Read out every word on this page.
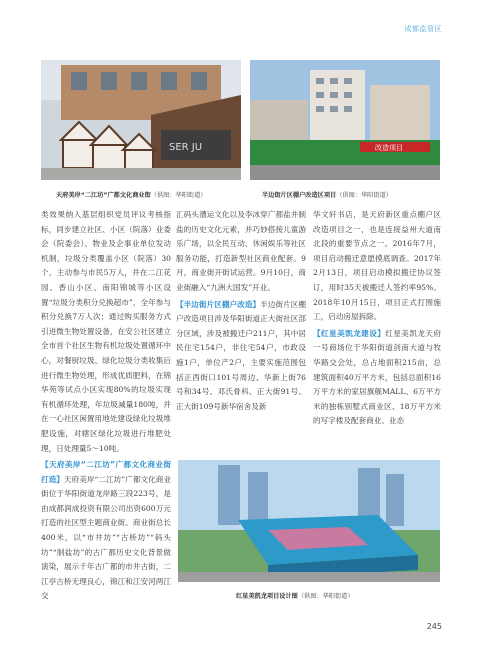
成都监管区
SER JU
天府美岸“二江坊”广都文化商业街（供图：华阳街道）
改造项目
半边街片区棚户改造区项目（供图：华阳街道）

类效果纳入基层组织党员评议考核指标，同步建立社区、小区（院落）业委会（院委会）、物业及企事业单位发动机制，垃圾分类覆盖小区（院落）30个，主动参与市民5万人，并在二江花园、香山小区、南阳锦城等小区设置“垃圾分类积分兑换超市”，全年参与积分兑换7万人次；通过购买服务方式引进微生物处置设备，在安公社区建立全市首个社区生物有机垃圾处置循环中心，对餐厨垃圾、绿化垃圾分类收集后进行微生物处理，形成优质肥料，在锦华苑等试点小区实现80%的垃圾实现有机循环处理，年垃圾减量180吨，并在一心社区闲置用地处建设绿化垃圾堆肥设施，对辖区绿化垃圾进行堆肥处理，日处理量5～10吨。

【天府美岸“二江坊”广都文化商业街打造】天府美岸“二江坊”广都文化商业街位于华阳街道龙岸路三段223号，是由成都润成投资有限公司出资600万元打造的社区型主题商业街。商业街总长400米，以“市井坊”“古桥坊”“码头坊”“制盐坊”的古广都历史文化背景做演染，展示千年古广都的市井古街，二江亭古桥无理良心，锦江和江安河两江交

汇码头漕运文化以及李冰穿广都盐井制盐的历史文化元素，并巧妙搭接儿童游乐广场，以全民互动、休闲娱乐等社区服务功能，打造新型社区商业配套。9月，商业街开街试运营。9月10日，商业街融入“九洲大国发”开业。

【半边街片区棚户改造】半边街片区棚户改造项目涉及华阳街道正大街社区部分区域，涉及被搬迁户211户，其中居民住宅154户，非住宅54户，市政设施1户，单位产2户，主要实施范围包括正西街口101号周边、华新上街76号和34号、邓氏骨科、正大街91号、正大街109号新华宿舍及新

华文轩书店，是天府新区重点棚户区改造项目之一，也是连接益州大道南北段的重要节点之一。2016年7月，项目启动搬迁意愿摸底调查。2017年2月13日，项目启动模拟搬迁协议签订，用时35天被搬迁人签约率95%。2018年10月15日，项目正式打围施工，启动房屋拆除。

【红星美凯龙建设】红星美凯龙天府一号商场位于华阳街道剑南大道与牧华路交会处，总占地面积215亩，总建筑面积40万平方米，包括总面积16万平方米的家居旗舰MALL、6万平方米的独栋别墅式商业区、18万平方米的写字楼及配套商业、业态

红星美凯龙项目设计图（供图：华阳街道）
245
